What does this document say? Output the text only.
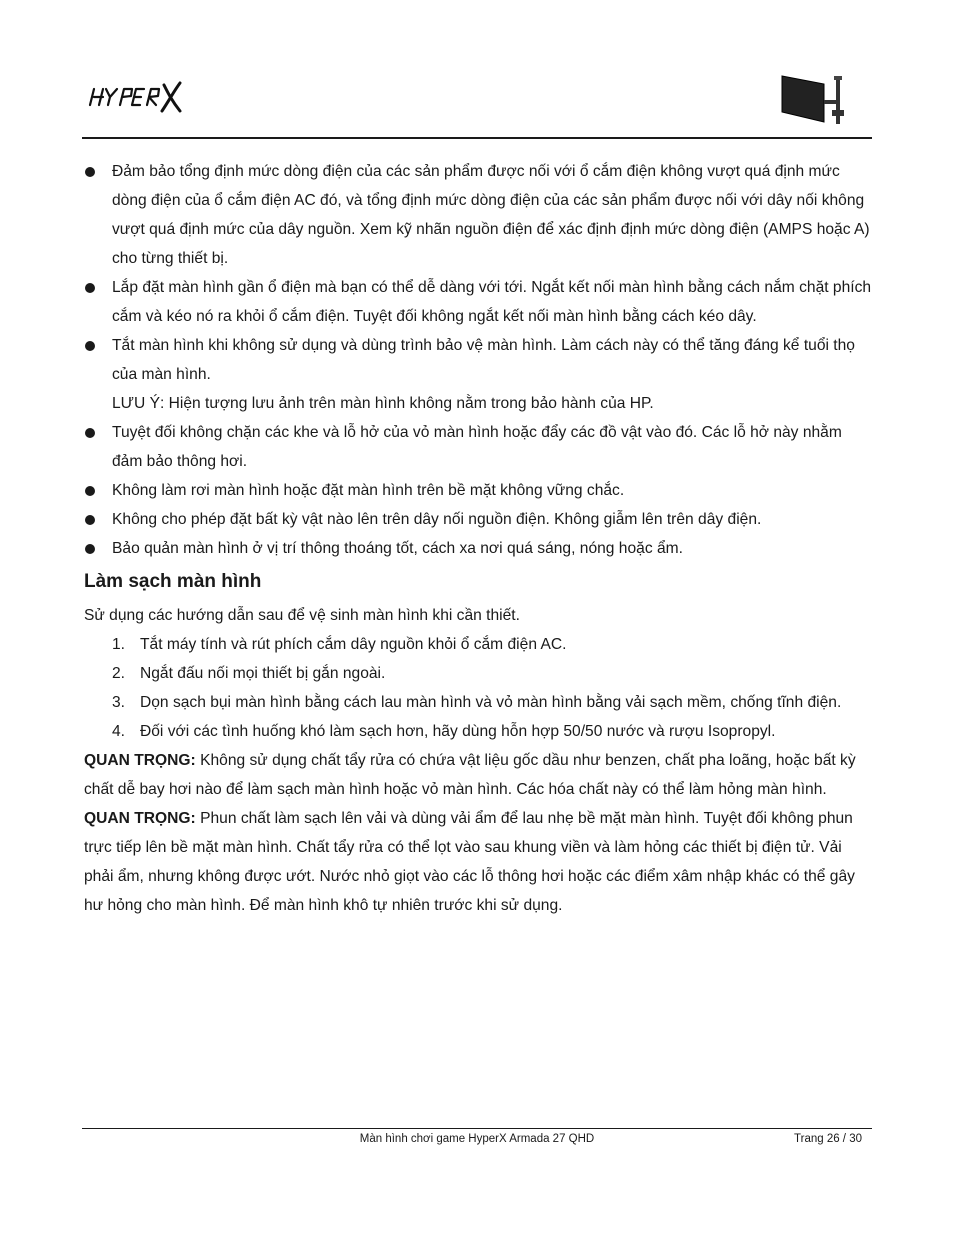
Đảm bảo tổng định mức dòng điện của các sản phẩm được nối với ổ cắm điện không vượt quá định mức dòng điện của ổ cắm điện AC đó, và tổng định mức dòng điện của các sản phẩm được nối với dây nối không vượt quá định mức của dây nguồn. Xem kỹ nhãn nguồn điện để xác định định mức dòng điện (AMPS hoặc A) cho từng thiết bị.
Lắp đặt màn hình gần ổ điện mà bạn có thể dễ dàng với tới. Ngắt kết nối màn hình bằng cách nắm chặt phích cắm và kéo nó ra khỏi ổ cắm điện. Tuyệt đối không ngắt kết nối màn hình bằng cách kéo dây.
Tắt màn hình khi không sử dụng và dùng trình bảo vệ màn hình. Làm cách này có thể tăng đáng kể tuổi thọ của màn hình.
LƯU Ý: Hiện tượng lưu ảnh trên màn hình không nằm trong bảo hành của HP.
Tuyệt đối không chặn các khe và lỗ hở của vỏ màn hình hoặc đẩy các đồ vật vào đó. Các lỗ hở này nhằm đảm bảo thông hơi.
Không làm rơi màn hình hoặc đặt màn hình trên bề mặt không vững chắc.
Không cho phép đặt bất kỳ vật nào lên trên dây nối nguồn điện. Không giẫm lên trên dây điện.
Bảo quản màn hình ở vị trí thông thoáng tốt, cách xa nơi quá sáng, nóng hoặc ẩm.
Làm sạch màn hình

Sử dụng các hướng dẫn sau để vệ sinh màn hình khi cần thiết.

1. Tắt máy tính và rút phích cắm dây nguồn khỏi ổ cắm điện AC.
2. Ngắt đấu nối mọi thiết bị gắn ngoài.
3. Dọn sạch bụi màn hình bằng cách lau màn hình và vỏ màn hình bằng vải sạch mềm, chống tĩnh điện.
4. Đối với các tình huống khó làm sạch hơn, hãy dùng hỗn hợp 50/50 nước và rượu Isopropyl.

QUAN TRỌNG: Không sử dụng chất tẩy rửa có chứa vật liệu gốc dầu như benzen, chất pha loãng, hoặc bất kỳ chất dễ bay hơi nào để làm sạch màn hình hoặc vỏ màn hình. Các hóa chất này có thể làm hỏng màn hình.

QUAN TRỌNG: Phun chất làm sạch lên vải và dùng vải ẩm để lau nhẹ bề mặt màn hình. Tuyệt đối không phun trực tiếp lên bề mặt màn hình. Chất tẩy rửa có thể lọt vào sau khung viền và làm hỏng các thiết bị điện tử. Vải phải ẩm, nhưng không được ướt. Nước nhỏ giọt vào các lỗ thông hơi hoặc các điểm xâm nhập khác có thể gây hư hỏng cho màn hình. Để màn hình khô tự nhiên trước khi sử dụng.

Màn hình chơi game HyperX Armada 27 QHD	Trang 26 / 30
